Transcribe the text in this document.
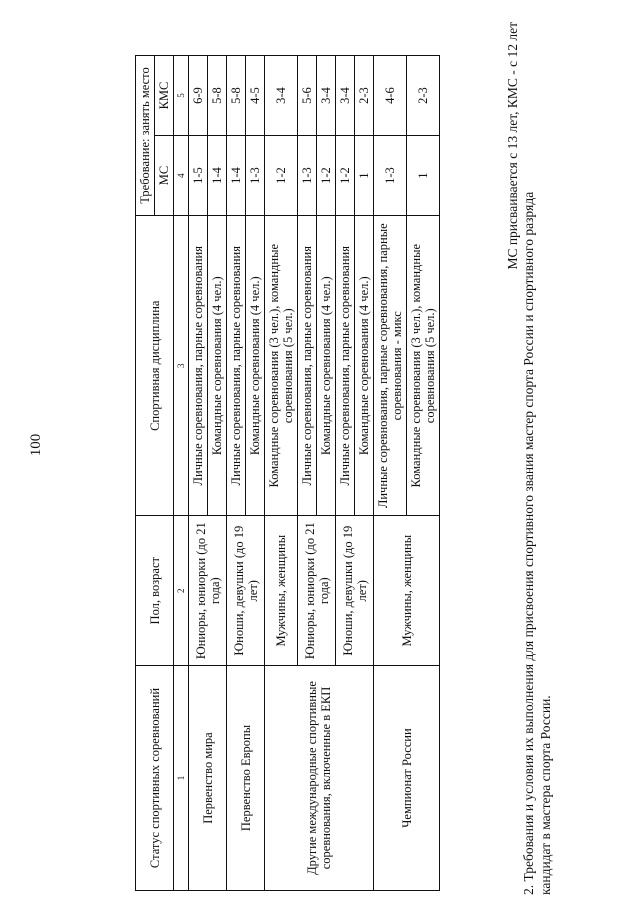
100	2. Требования и условия их выполнения для присвоения спортивного звания мастер спорта России и спортивного разряда кандидат в мастера спорта России.
МС присваивается с 13 лет, КМС - с 12 лет
Статус спортивных соревнований	Пол, возраст	Спортивная дисциплина	Требование: занять место	
			МС	КМС
1	2	3	4	5
Первенство мира	Юниоры, юниорки (до 21 года)	Личные соревнования, парные соревнования	1-5	6-9
		Командные соревнования (4 чел.)	1-4	5-8
Первенство Европы	Юноши, девушки (до 19 лет)	Личные соревнования, парные соревнования	1-4	5-8
		Командные соревнования (4 чел.)	1-3	4-5
Другие международные спортивные соревнования, включенные в ЕКП	Мужчины, женщины	Командные соревнования (3 чел.), командные соревнования (5 чел.)	1-2	3-4
	Юниоры, юниорки (до 21 года)	Личные соревнования, парные соревнования	1-3	5-6
		Командные соревнования (4 чел.)	1-2	3-4
	Юноши, девушки (до 19 лет)	Личные соревнования, парные соревнования	1-2	3-4
		Командные соревнования (4 чел.)	1	2-3
Чемпионат России	Мужчины, женщины	Личные соревнования, парные соревнования, парные соревнования - микс	1-3	4-6
		Командные соревнования (3 чел.), командные соревнования (5 чел.)	1	2-3
